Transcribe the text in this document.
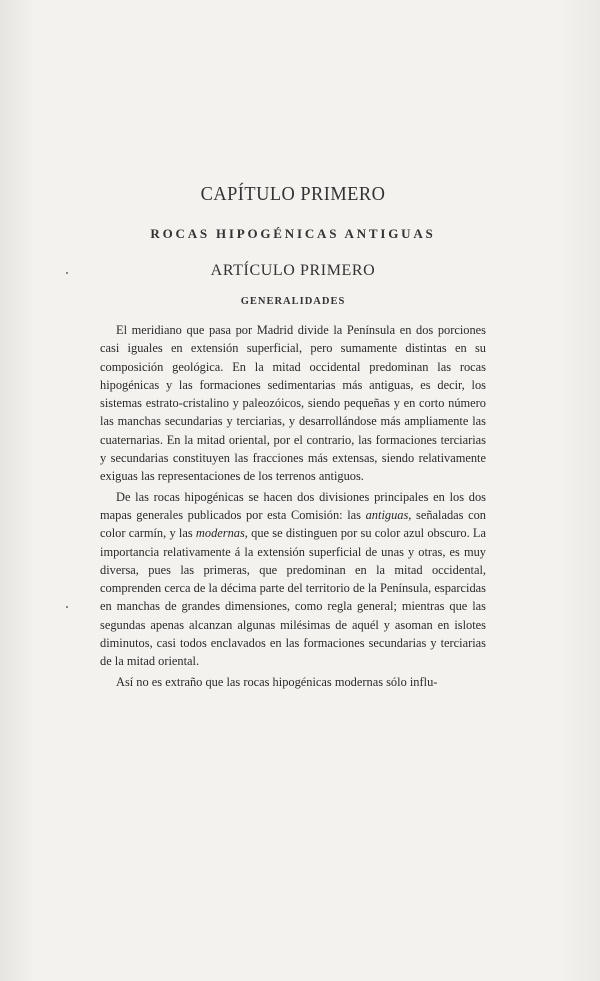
CAPÍTULO PRIMERO
ROCAS HIPOGÉNICAS ANTIGUAS
ARTÍCULO PRIMERO
GENERALIDADES

El meridiano que pasa por Madrid divide la Península en dos porciones casi iguales en extensión superficial, pero sumamente distintas en su composición geológica. En la mitad occidental predominan las rocas hipogénicas y las formaciones sedimentarias más antiguas, es decir, los sistemas estrato-cristalino y paleozóicos, siendo pequeñas y en corto número las manchas secundarias y terciarias, y desarrollándose más ampliamente las cuaternarias. En la mitad oriental, por el contrario, las formaciones terciarias y secundarias constituyen las fracciones más extensas, siendo relativamente exiguas las representaciones de los terrenos antiguos.

De las rocas hipogénicas se hacen dos divisiones principales en los dos mapas generales publicados por esta Comisión: las antiguas, señaladas con color carmín, y las modernas, que se distinguen por su color azul obscuro. La importancia relativamente á la extensión superficial de unas y otras, es muy diversa, pues las primeras, que predominan en la mitad occidental, comprenden cerca de la décima parte del territorio de la Península, esparcidas en manchas de grandes dimensiones, como regla general; mientras que las segundas apenas alcanzan algunas milésimas de aquél y asoman en islotes diminutos, casi todos enclavados en las formaciones secundarias y terciarias de la mitad oriental.

Así no es extraño que las rocas hipogénicas modernas sólo influ-
